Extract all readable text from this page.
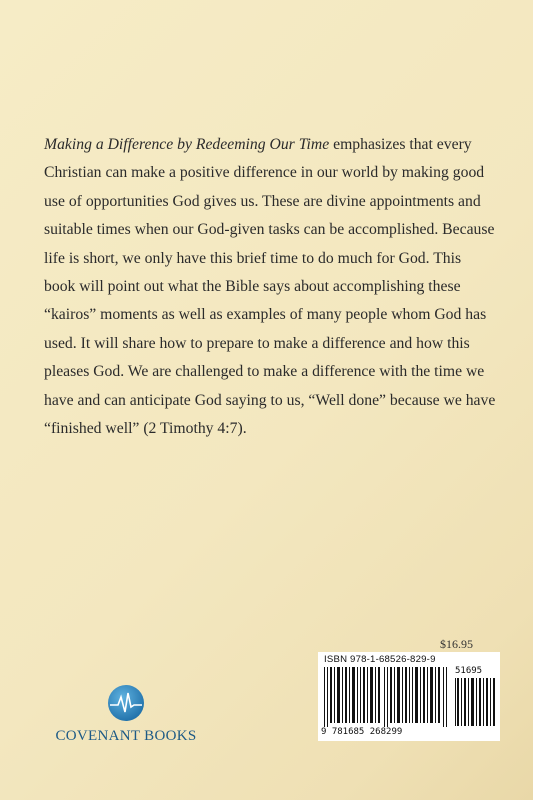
Making a Difference by Redeeming Our Time emphasizes that every Christian can make a positive difference in our world by making good use of opportunities God gives us. These are divine appointments and suitable times when our God-given tasks can be accomplished. Because life is short, we only have this brief time to do much for God. This book will point out what the Bible says about accomplishing these “kairos” moments as well as examples of many people whom God has used. It will share how to prepare to make a difference and how this pleases God. We are challenged to make a difference with the time we have and can anticipate God saying to us, “Well done” because we have “finished well” (2 Timothy 4:7).
$16.95
ISBN 978-1-68526-829-9
51695
9 781685 268299
COVENANT BOOKS
